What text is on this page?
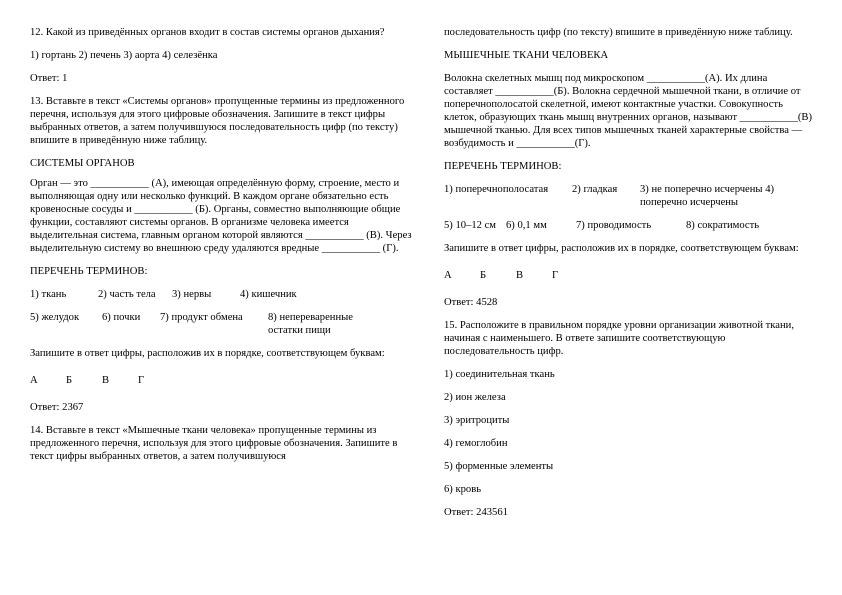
12. Какой из приведённых органов входит в состав системы органов дыхания?

1) гортань 2) печень 3) аорта 4) селезёнка

Ответ: 1

13. Вставьте в текст «Системы органов» пропущенные термины из предложенного перечня, используя для этого цифровые обозначения. Запишите в текст цифры выбранных ответов, а затем получившуюся последовательность цифр (по тексту) впишите в приведённую ниже таблицу.

СИСТЕМЫ ОРГАНОВ

Орган — это ___________ (А), имеющая определённую форму, строение, место и выполняющая одну или несколько функций. В каждом органе обязательно есть кровеносные сосуды и ___________ (Б). Органы, совместно выполняющие общие функции, составляют системы органов. В организме человека имеется выделительная система, главным органом которой являются ___________ (В). Через выделительную систему во внешнюю среду удаляются вредные ___________ (Г).

ПЕРЕЧЕНЬ ТЕРМИНОВ:

1) ткань	2) часть тела	3) нервы	4) кишечник
5) желудок	6) почки	7) продукт обмена	8) непереваренные остатки пищи

Запишите в ответ цифры, расположив их в порядке, соответствующем буквам:

А	Б	В	Г

Ответ: 2367

14. Вставьте в текст «Мышечные ткани человека» пропущенные термины из предложенного перечня, используя для этого цифровые обозначения. Запишите в текст цифры выбранных ответов, а затем получившуюся

последовательность цифр (по тексту) впишите в приведённую ниже таблицу.

МЫШЕЧНЫЕ ТКАНИ ЧЕЛОВЕКА

Волокна скелетных мышц под микроскопом ___________(А). Их длина составляет ___________(Б). Волокна сердечной мышечной ткани, в отличие от поперечнополосатой скелетной, имеют контактные участки. Совокупность клеток, образующих ткань мышц внутренних органов, называют ___________(В) мышечной тканью. Для всех типов мышечных тканей характерные свойства — возбудимость и ___________(Г).

ПЕРЕЧЕНЬ ТЕРМИНОВ:

1) поперечнополосатая	2) гладкая	3) не поперечно исчерчены 4) поперечно исчерчены
5) 10–12 см 6) 0,1 мм	7) проводимость	8) сократимость

Запишите в ответ цифры, расположив их в порядке, соответствующем буквам:

А	Б	В	Г

Ответ: 4528

15. Расположите в правильном порядке уровни организации животной ткани, начиная с наименьшего. В ответе запишите соответствующую последовательность цифр.

1) соединительная ткань

2) ион железа

3) эритроциты

4) гемоглобин

5) форменные элементы

6) кровь

Ответ: 243561
